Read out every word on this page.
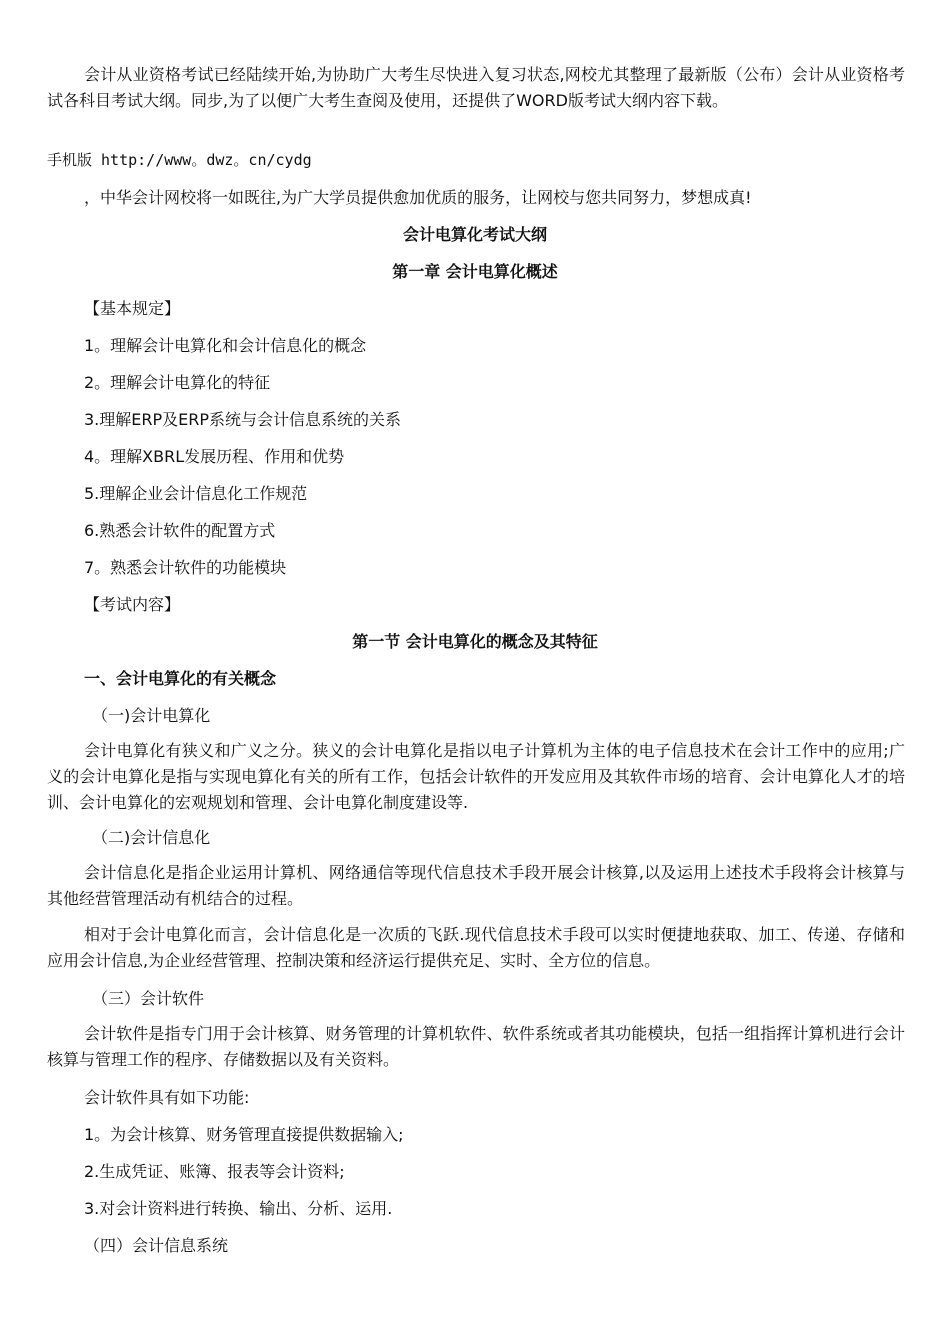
会计从业资格考试已经陆续开始,为协助广大考生尽快进入复习状态,网校尤其整理了最新版（公布）会计从业资格考试各科目考试大纲。同步,为了以便广大考生查阅及使用，还提供了WORD版考试大纲内容下载。
手机版 http://www。dwz。cn/cydg
，中华会计网校将一如既往,为广大学员提供愈加优质的服务，让网校与您共同努力，梦想成真!
会计电算化考试大纲
第一章 会计电算化概述
【基本规定】
1。理解会计电算化和会计信息化的概念
2。理解会计电算化的特征
3.理解ERP及ERP系统与会计信息系统的关系
4。理解XBRL发展历程、作用和优势
5.理解企业会计信息化工作规范
6.熟悉会计软件的配置方式
7。熟悉会计软件的功能模块
【考试内容】
第一节 会计电算化的概念及其特征
一、会计电算化的有关概念
（一)会计电算化
会计电算化有狭义和广义之分。狭义的会计电算化是指以电子计算机为主体的电子信息技术在会计工作中的应用;广义的会计电算化是指与实现电算化有关的所有工作，包括会计软件的开发应用及其软件市场的培育、会计电算化人才的培训、会计电算化的宏观规划和管理、会计电算化制度建设等.
（二)会计信息化
会计信息化是指企业运用计算机、网络通信等现代信息技术手段开展会计核算,以及运用上述技术手段将会计核算与其他经营管理活动有机结合的过程。
相对于会计电算化而言，会计信息化是一次质的飞跃.现代信息技术手段可以实时便捷地获取、加工、传递、存储和应用会计信息,为企业经营管理、控制决策和经济运行提供充足、实时、全方位的信息。
（三）会计软件
会计软件是指专门用于会计核算、财务管理的计算机软件、软件系统或者其功能模块，包括一组指挥计算机进行会计核算与管理工作的程序、存储数据以及有关资料。
会计软件具有如下功能:
1。为会计核算、财务管理直接提供数据输入;
2.生成凭证、账簿、报表等会计资料;
3.对会计资料进行转换、输出、分析、运用.
（四）会计信息系统
